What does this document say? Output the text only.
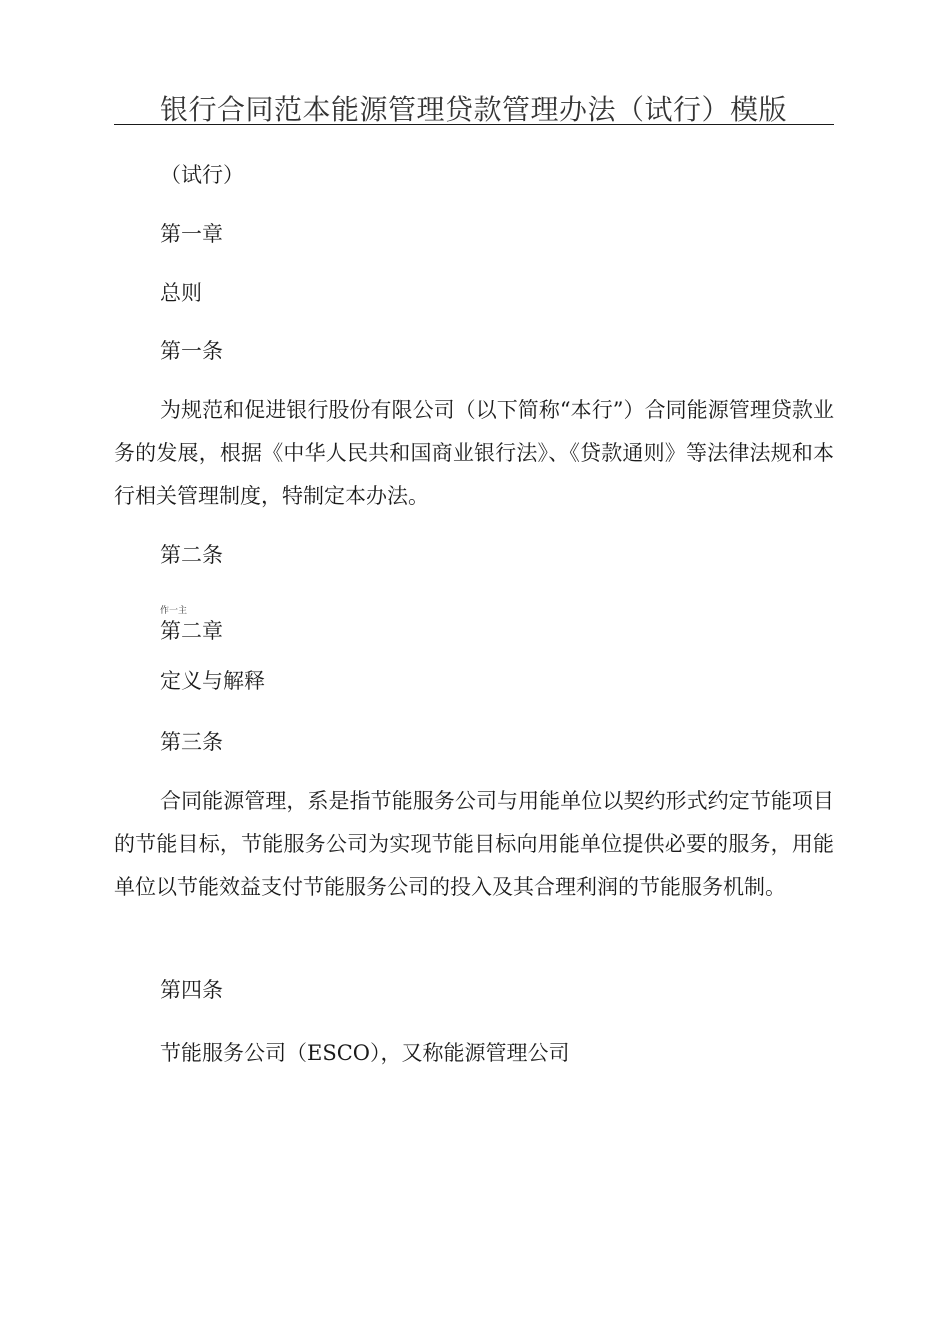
银行合同范本能源管理贷款管理办法（试行）模版
（试行）
第一章
总则
第一条
为规范和促进银行股份有限公司（以下简称“本行”）合同能源管理贷款业务的发展，根据《中华人民共和国商业银行法》、《贷款通则》等法律法规和本行相关管理制度，特制定本办法。
第二条
作一主
第二章
定义与解释
第三条
合同能源管理，系是指节能服务公司与用能单位以契约形式约定节能项目的节能目标，节能服务公司为实现节能目标向用能单位提供必要的服务，用能单位以节能效益支付节能服务公司的投入及其合理利润的节能服务机制。
第四条
节能服务公司（ESCO），又称能源管理公司
